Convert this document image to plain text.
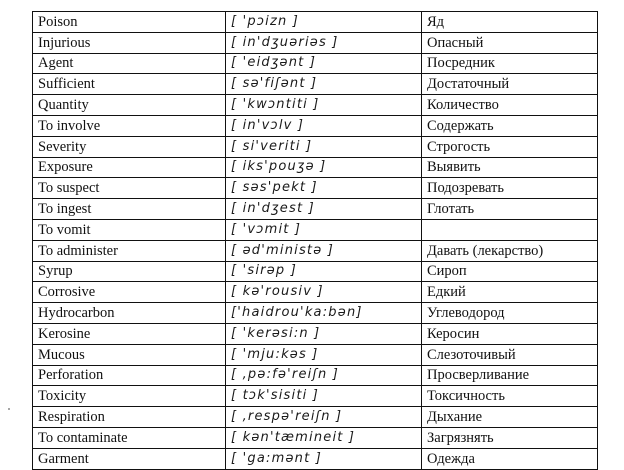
Poison	[ 'pɔizn ]	Яд
Injurious	[ in'dʒuəriəs ]	Опасный
Agent	[ 'eidʒənt ]	Посредник
Sufficient	[ sə'fiʃənt ]	Достаточный
Quantity	[ 'kwɔntiti ]	Количество
To involve	[ in'vɔlv ]	Содержать
Severity	[ si'veriti ]	Строгость
Exposure	[ iks'pouʒə ]	Выявить
To suspect	[ səs'pekt ]	Подозревать
To ingest	[ in'dʒest ]	Глотать
To vomit	[ 'vɔmit ]	
To administer	[ əd'ministə ]	Давать (лекарство)
Syrup	[ 'sirəp ]	Сироп
Corrosive	[ kə'rousiv ]	Едкий
Hydrocarbon	['haidrou'ka:bən]	Углеводород
Kerosine	[ 'kerəsi:n ]	Керосин
Mucous	[ 'mju:kəs ]	Слезоточивый
Perforation	[ ,pə:fə'reiʃn ]	Просверливание
Toxicity	[ tɔk'sisiti ]	Токсичность
Respiration	[ ,respə'reiʃn ]	Дыхание
To contaminate	[ kən'tæmineit ]	Загрязнять
Garment	[ 'ga:mənt ]	Одежда
